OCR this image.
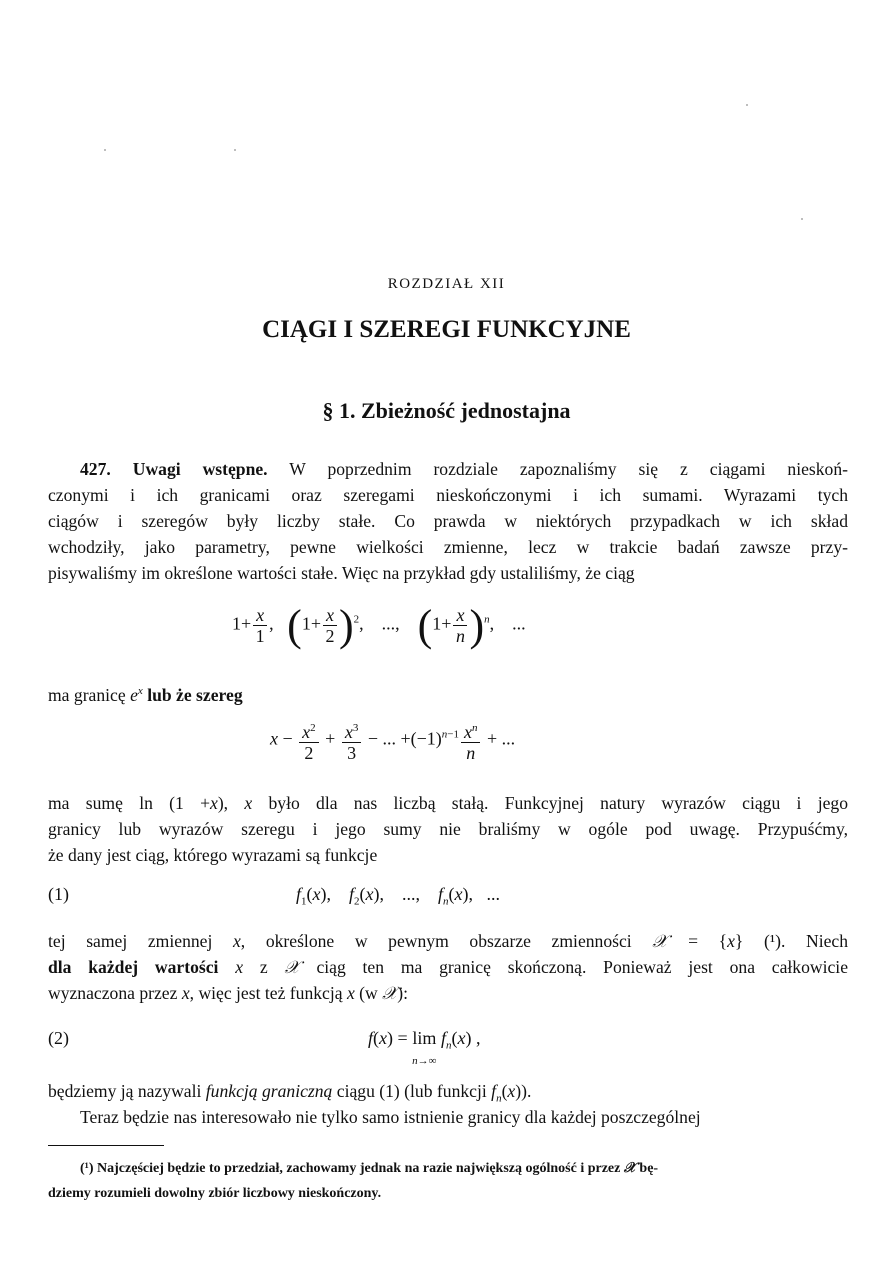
ROZDZIAŁ XII
CIĄGI I SZEREGI FUNKCYJNE
§ 1. Zbieżność jednostajna
427. Uwagi wstępne. W poprzednim rozdziale zapoznaliśmy się z ciągami nieskoń-
czonymi i ich granicami oraz szeregami nieskończonymi i ich sumami. Wyrazami tych
ciągów i szeregów były liczby stałe. Co prawda w niektórych przypadkach w ich skład
wchodziły, jako parametry, pewne wielkości zmienne, lecz w trakcie badań zawsze przy-
pisywaliśmy im określone wartości stałe. Więc na przykład gdy ustaliliśmy, że ciąg
$1+ \frac{x}{1}$ ,   $(1+ \frac{x}{2} )^2$,    ...,    $(1+ \frac{x}{n} )^n$,    ...
ma granicę $e^x$ lub że szereg
$x - \frac{x^2}{2} + \frac{x^3}{3}$ − ... $+(-1)^{n-1} \frac{x^n}{n}$ + ...
ma sumę ln (1 +x), x było dla nas liczbą stałą. Funkcyjnej natury wyrazów ciągu i jego
granicy lub wyrazów szeregu i jego sumy nie braliśmy w ogóle pod uwagę. Przypuśćmy,
że dany jest ciąg, którego wyrazami są funkcje
(1)	$f_1(x)$,    $f_2(x)$,    ...,    $f_n(x)$,   ...
tej samej zmiennej x, określone w pewnym obszarze zmienności 𝒳 = {x} (¹). Niech
dla każdej wartości x z 𝒳 ciąg ten ma granicę skończoną. Ponieważ jest ona całkowicie
wyznaczona przez x, więc jest też funkcją x (w 𝒳):
(2)	f(x) = lim
n→∞ $f_n(x)$ ,
będziemy ją nazywali funkcją graniczną ciągu (1) (lub funkcji $f_n(x)$).
Teraz będzie nas interesowało nie tylko samo istnienie granicy dla każdej poszczególnej
(¹) Najczęściej będzie to przedział, zachowamy jednak na razie największą ogólność i przez 𝒳 bę-
dziemy rozumieli dowolny zbiór liczbowy nieskończony.
